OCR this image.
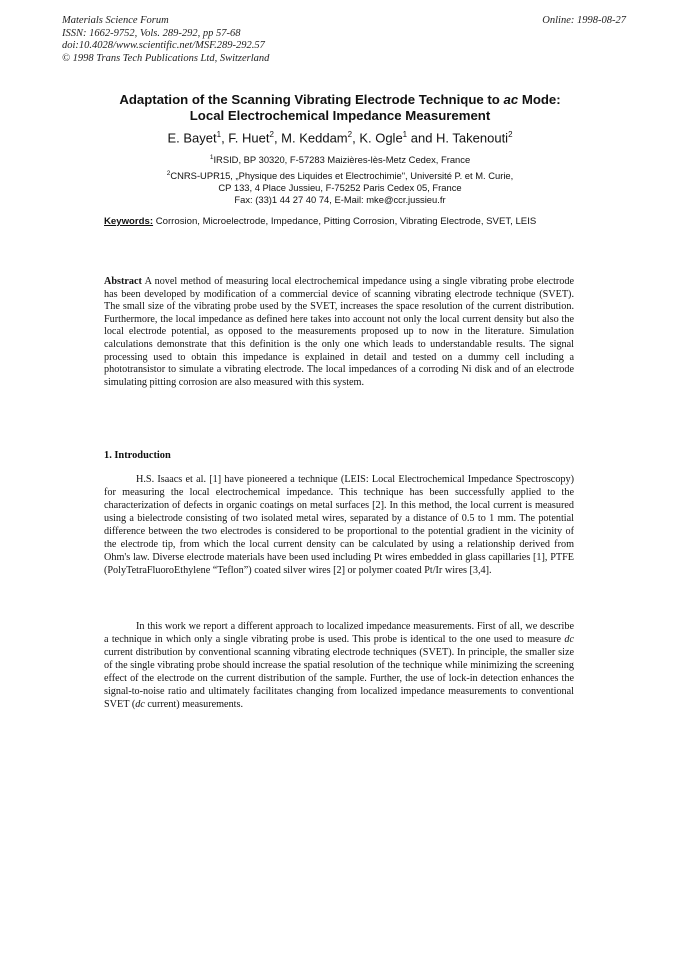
Materials Science Forum
ISSN: 1662-9752, Vols. 289-292, pp 57-68
doi:10.4028/www.scientific.net/MSF.289-292.57
© 1998 Trans Tech Publications Ltd, Switzerland
Online: 1998-08-27
Adaptation of the Scanning Vibrating Electrode Technique to ac Mode:
Local Electrochemical Impedance Measurement
E. Bayet$^1$, F. Huet$^2$, M. Keddam$^2$, K. Ogle$^1$ and H. Takenouti$^2$
$^1$IRSID, BP 30320, F-57283 Maizières-lès-Metz Cedex, France
$^2$CNRS-UPR15, „Physique des Liquides et Electrochimie", Université P. et M. Curie,
CP 133, 4 Place Jussieu, F-75252 Paris Cedex 05, France
Fax: (33)1 44 27 40 74, E-Mail: mke@ccr.jussieu.fr
Keywords: Corrosion, Microelectrode, Impedance, Pitting Corrosion, Vibrating Electrode, SVET, LEIS
Abstract A novel method of measuring local electrochemical impedance using a single vibrating probe electrode has been developed by modification of a commercial device of scanning vibrating electrode technique (SVET). The small size of the vibrating probe used by the SVET, increases the space resolution of the current distribution. Furthermore, the local impedance as defined here takes into account not only the local current density but also the local electrode potential, as opposed to the measurements proposed up to now in the literature. Simulation calculations demonstrate that this definition is the only one which leads to understandable results. The signal processing used to obtain this impedance is explained in detail and tested on a dummy cell including a phototransistor to simulate a vibrating electrode. The local impedances of a corroding Ni disk and of an electrode simulating pitting corrosion are also measured with this system.
1. Introduction

H.S. Isaacs et al. [1] have pioneered a technique (LEIS: Local Electrochemical Impedance Spectroscopy) for measuring the local electrochemical impedance. This technique has been successfully applied to the characterization of defects in organic coatings on metal surfaces [2]. In this method, the local current is measured using a bielectrode consisting of two isolated metal wires, separated by a distance of 0.5 to 1 mm. The potential difference between the two electrodes is considered to be proportional to the potential gradient in the vicinity of the electrode tip, from which the local current density can be calculated by using a relationship derived from Ohm's law. Diverse electrode materials have been used including Pt wires embedded in glass capillaries [1], PTFE (PolyTetraFluoroEthylene “Teflon”) coated silver wires [2] or polymer coated Pt/Ir wires [3,4].

In this work we report a different approach to localized impedance measurements. First of all, we describe a technique in which only a single vibrating probe is used. This probe is identical to the one used to measure dc current distribution by conventional scanning vibrating electrode techniques (SVET). In principle, the smaller size of the single vibrating probe should increase the spatial resolution of the technique while minimizing the screening effect of the electrode on the current distribution of the sample. Further, the use of lock-in detection enhances the signal-to-noise ratio and ultimately facilitates changing from localized impedance measurements to conventional SVET (dc current) measurements.
